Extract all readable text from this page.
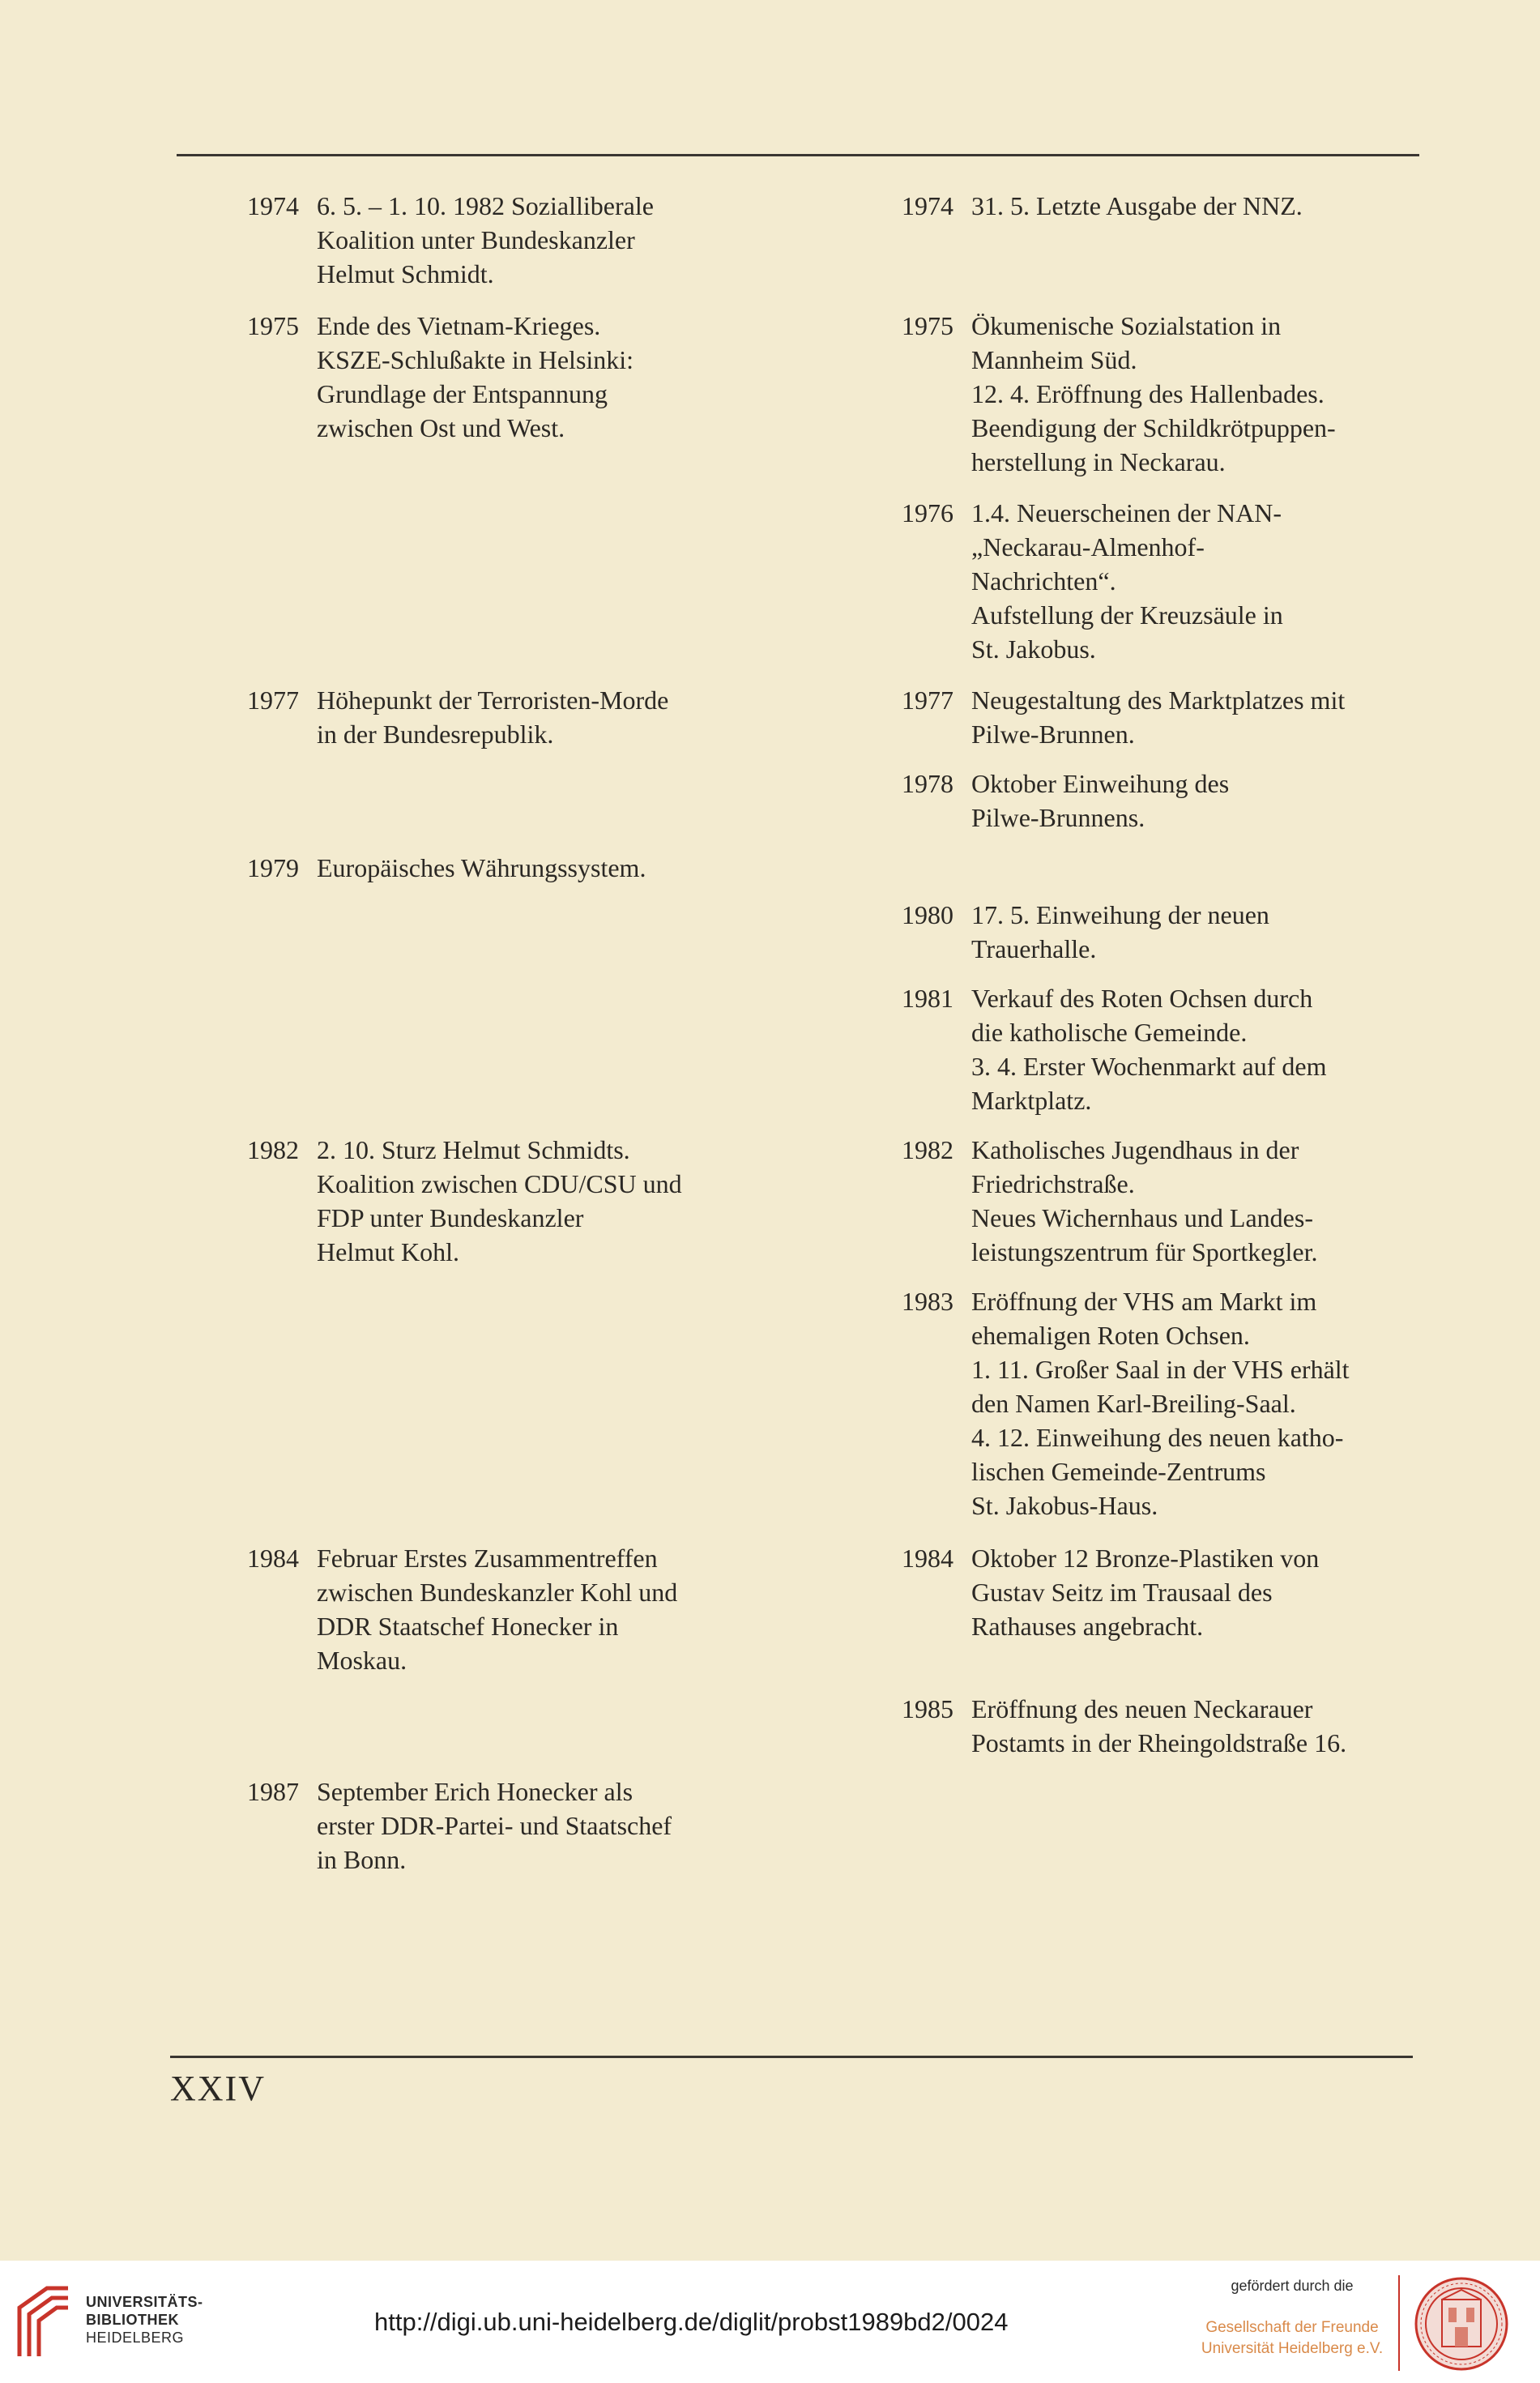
1974 6. 5. – 1. 10. 1982 Sozialliberale
Koalition unter Bundeskanzler
Helmut Schmidt.
1975 Ende des Vietnam-Krieges.
KSZE-Schlußakte in Helsinki:
Grundlage der Entspannung
zwischen Ost und West.
1977 Höhepunkt der Terroristen-Morde
in der Bundesrepublik.
1979 Europäisches Währungssystem.
1982 2. 10. Sturz Helmut Schmidts.
Koalition zwischen CDU/CSU und
FDP unter Bundeskanzler
Helmut Kohl.
1984 Februar Erstes Zusammentreffen
zwischen Bundeskanzler Kohl und
DDR Staatschef Honecker in
Moskau.
1987 September Erich Honecker als
erster DDR-Partei- und Staatschef
in Bonn.
1974 31. 5. Letzte Ausgabe der NNZ.
1975 Ökumenische Sozialstation in
Mannheim Süd.
12. 4. Eröffnung des Hallenbades.
Beendigung der Schildkrötpuppen-
herstellung in Neckarau.
1976 1.4. Neuerscheinen der NAN-
„Neckarau-Almenhof-
Nachrichten“.
Aufstellung der Kreuzsäule in
St. Jakobus.
1977 Neugestaltung des Marktplatzes mit
Pilwe-Brunnen.
1978 Oktober Einweihung des
Pilwe-Brunnens.
1980 17. 5. Einweihung der neuen
Trauerhalle.
1981 Verkauf des Roten Ochsen durch
die katholische Gemeinde.
3. 4. Erster Wochenmarkt auf dem
Marktplatz.
1982 Katholisches Jugendhaus in der
Friedrichstraße.
Neues Wichernhaus und Landes-
leistungszentrum für Sportkegler.
1983 Eröffnung der VHS am Markt im
ehemaligen Roten Ochsen.
1. 11. Großer Saal in der VHS erhält
den Namen Karl-Breiling-Saal.
4. 12. Einweihung des neuen katho-
lischen Gemeinde-Zentrums
St. Jakobus-Haus.
1984 Oktober 12 Bronze-Plastiken von
Gustav Seitz im Trausaal des
Rathauses angebracht.
1985 Eröffnung des neuen Neckarauer
Postamts in der Rheingoldstraße 16.
XXIV
UNIVERSITÄTS-
BIBLIOTHEK
HEIDELBERG
http://digi.ub.uni-heidelberg.de/diglit/probst1989bd2/0024
gefördert durch die
Gesellschaft der Freunde
Universität Heidelberg e.V.
